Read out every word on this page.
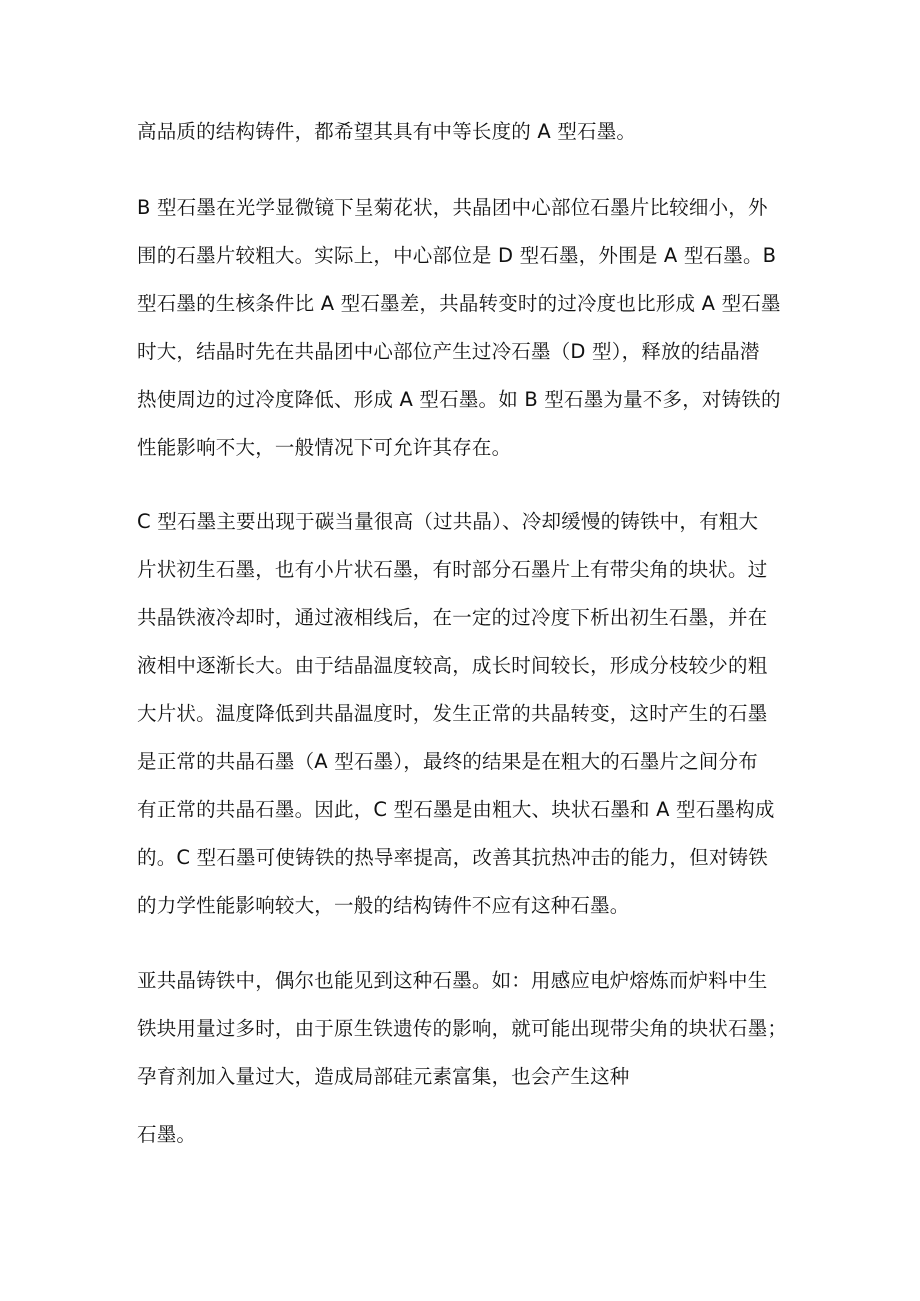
高品质的结构铸件，都希望其具有中等长度的 A 型石墨。

B 型石墨在光学显微镜下呈菊花状，共晶团中心部位石墨片比较细小，外

围的石墨片较粗大。实际上，中心部位是 D 型石墨，外围是 A 型石墨。B

型石墨的生核条件比 A 型石墨差，共晶转变时的过冷度也比形成 A 型石墨

时大，结晶时先在共晶团中心部位产生过冷石墨（D 型），释放的结晶潜

热使周边的过冷度降低、形成 A 型石墨。如 B 型石墨为量不多，对铸铁的

性能影响不大，一般情况下可允许其存在。

C 型石墨主要出现于碳当量很高（过共晶）、冷却缓慢的铸铁中，有粗大

片状初生石墨，也有小片状石墨，有时部分石墨片上有带尖角的块状。过

共晶铁液冷却时，通过液相线后，在一定的过冷度下析出初生石墨，并在

液相中逐渐长大。由于结晶温度较高，成长时间较长，形成分枝较少的粗

大片状。温度降低到共晶温度时，发生正常的共晶转变，这时产生的石墨

是正常的共晶石墨（A 型石墨），最终的结果是在粗大的石墨片之间分布

有正常的共晶石墨。因此，C 型石墨是由粗大、块状石墨和 A 型石墨构成

的。C 型石墨可使铸铁的热导率提高，改善其抗热冲击的能力，但对铸铁

的力学性能影响较大，一般的结构铸件不应有这种石墨。

亚共晶铸铁中，偶尔也能见到这种石墨。如：用感应电炉熔炼而炉料中生

铁块用量过多时，由于原生铁遗传的影响，就可能出现带尖角的块状石墨；

孕育剂加入量过大，造成局部硅元素富集，也会产生这种

石墨。
